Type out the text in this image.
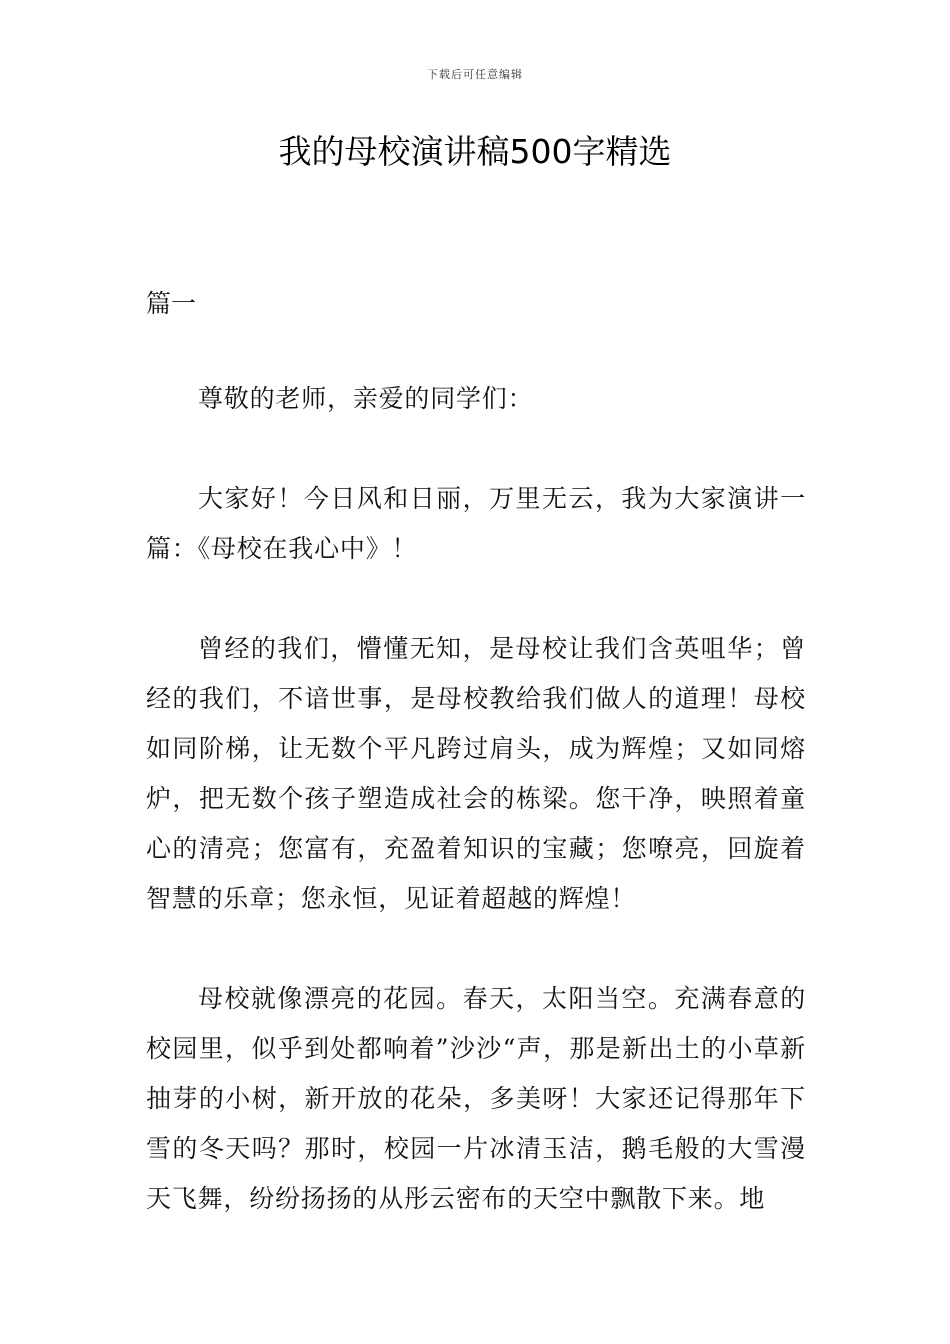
下载后可任意编辑
我的母校演讲稿500字精选
篇一

尊敬的老师，亲爱的同学们：

大家好！今日风和日丽，万里无云，我为大家演讲一篇：《母校在我心中》！

曾经的我们，懵懂无知，是母校让我们含英咀华；曾经的我们，不谙世事，是母校教给我们做人的道理！母校如同阶梯，让无数个平凡跨过肩头，成为辉煌；又如同熔炉，把无数个孩子塑造成社会的栋梁。您干净，映照着童心的清亮；您富有，充盈着知识的宝藏；您嘹亮，回旋着智慧的乐章；您永恒，见证着超越的辉煌！

母校就像漂亮的花园。春天，太阳当空。充满春意的校园里，似乎到处都响着”沙沙“声，那是新出土的小草新抽芽的小树，新开放的花朵，多美呀！大家还记得那年下雪的冬天吗？那时，校园一片冰清玉洁，鹅毛般的大雪漫天飞舞，纷纷扬扬的从彤云密布的天空中飘散下来。地
